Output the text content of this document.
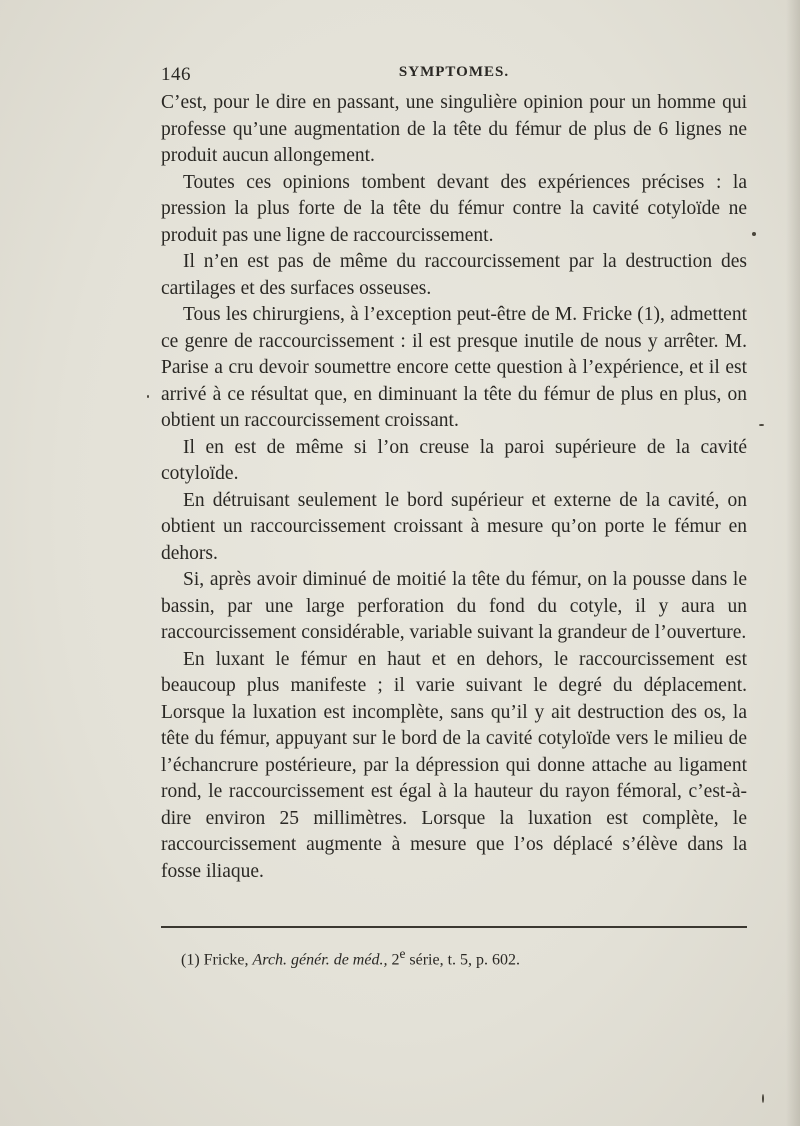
146	SYMPTOMES.

C’est, pour le dire en passant, une singulière opinion pour un homme qui professe qu’une augmentation de la tête du fémur de plus de 6 lignes ne produit aucun allongement.

Toutes ces opinions tombent devant des expériences précises : la pression la plus forte de la tête du fémur contre la cavité cotyloïde ne produit pas une ligne de raccourcissement.

Il n’en est pas de même du raccourcissement par la destruction des cartilages et des surfaces osseuses.

Tous les chirurgiens, à l’exception peut-être de M. Fricke (1), admettent ce genre de raccourcissement : il est presque inutile de nous y arrêter. M. Parise a cru devoir soumettre encore cette question à l’expérience, et il est arrivé à ce résultat que, en diminuant la tête du fémur de plus en plus, on obtient un raccourcissement croissant.

Il en est de même si l’on creuse la paroi supérieure de la cavité cotyloïde.

En détruisant seulement le bord supérieur et externe de la cavité, on obtient un raccourcissement croissant à mesure qu’on porte le fémur en dehors.

Si, après avoir diminué de moitié la tête du fémur, on la pousse dans le bassin, par une large perforation du fond du cotyle, il y aura un raccourcissement considérable, variable suivant la grandeur de l’ouverture.

En luxant le fémur en haut et en dehors, le raccourcissement est beaucoup plus manifeste ; il varie suivant le degré du déplacement. Lorsque la luxation est incomplète, sans qu’il y ait destruction des os, la tête du fémur, appuyant sur le bord de la cavité cotyloïde vers le milieu de l’échancrure postérieure, par la dépression qui donne attache au ligament rond, le raccourcissement est égal à la hauteur du rayon fémoral, c’est-à-dire environ 25 millimètres. Lorsque la luxation est complète, le raccourcissement augmente à mesure que l’os déplacé s’élève dans la fosse iliaque.

(1) Fricke, Arch. génér. de méd., 2e série, t. 5, p. 602.
